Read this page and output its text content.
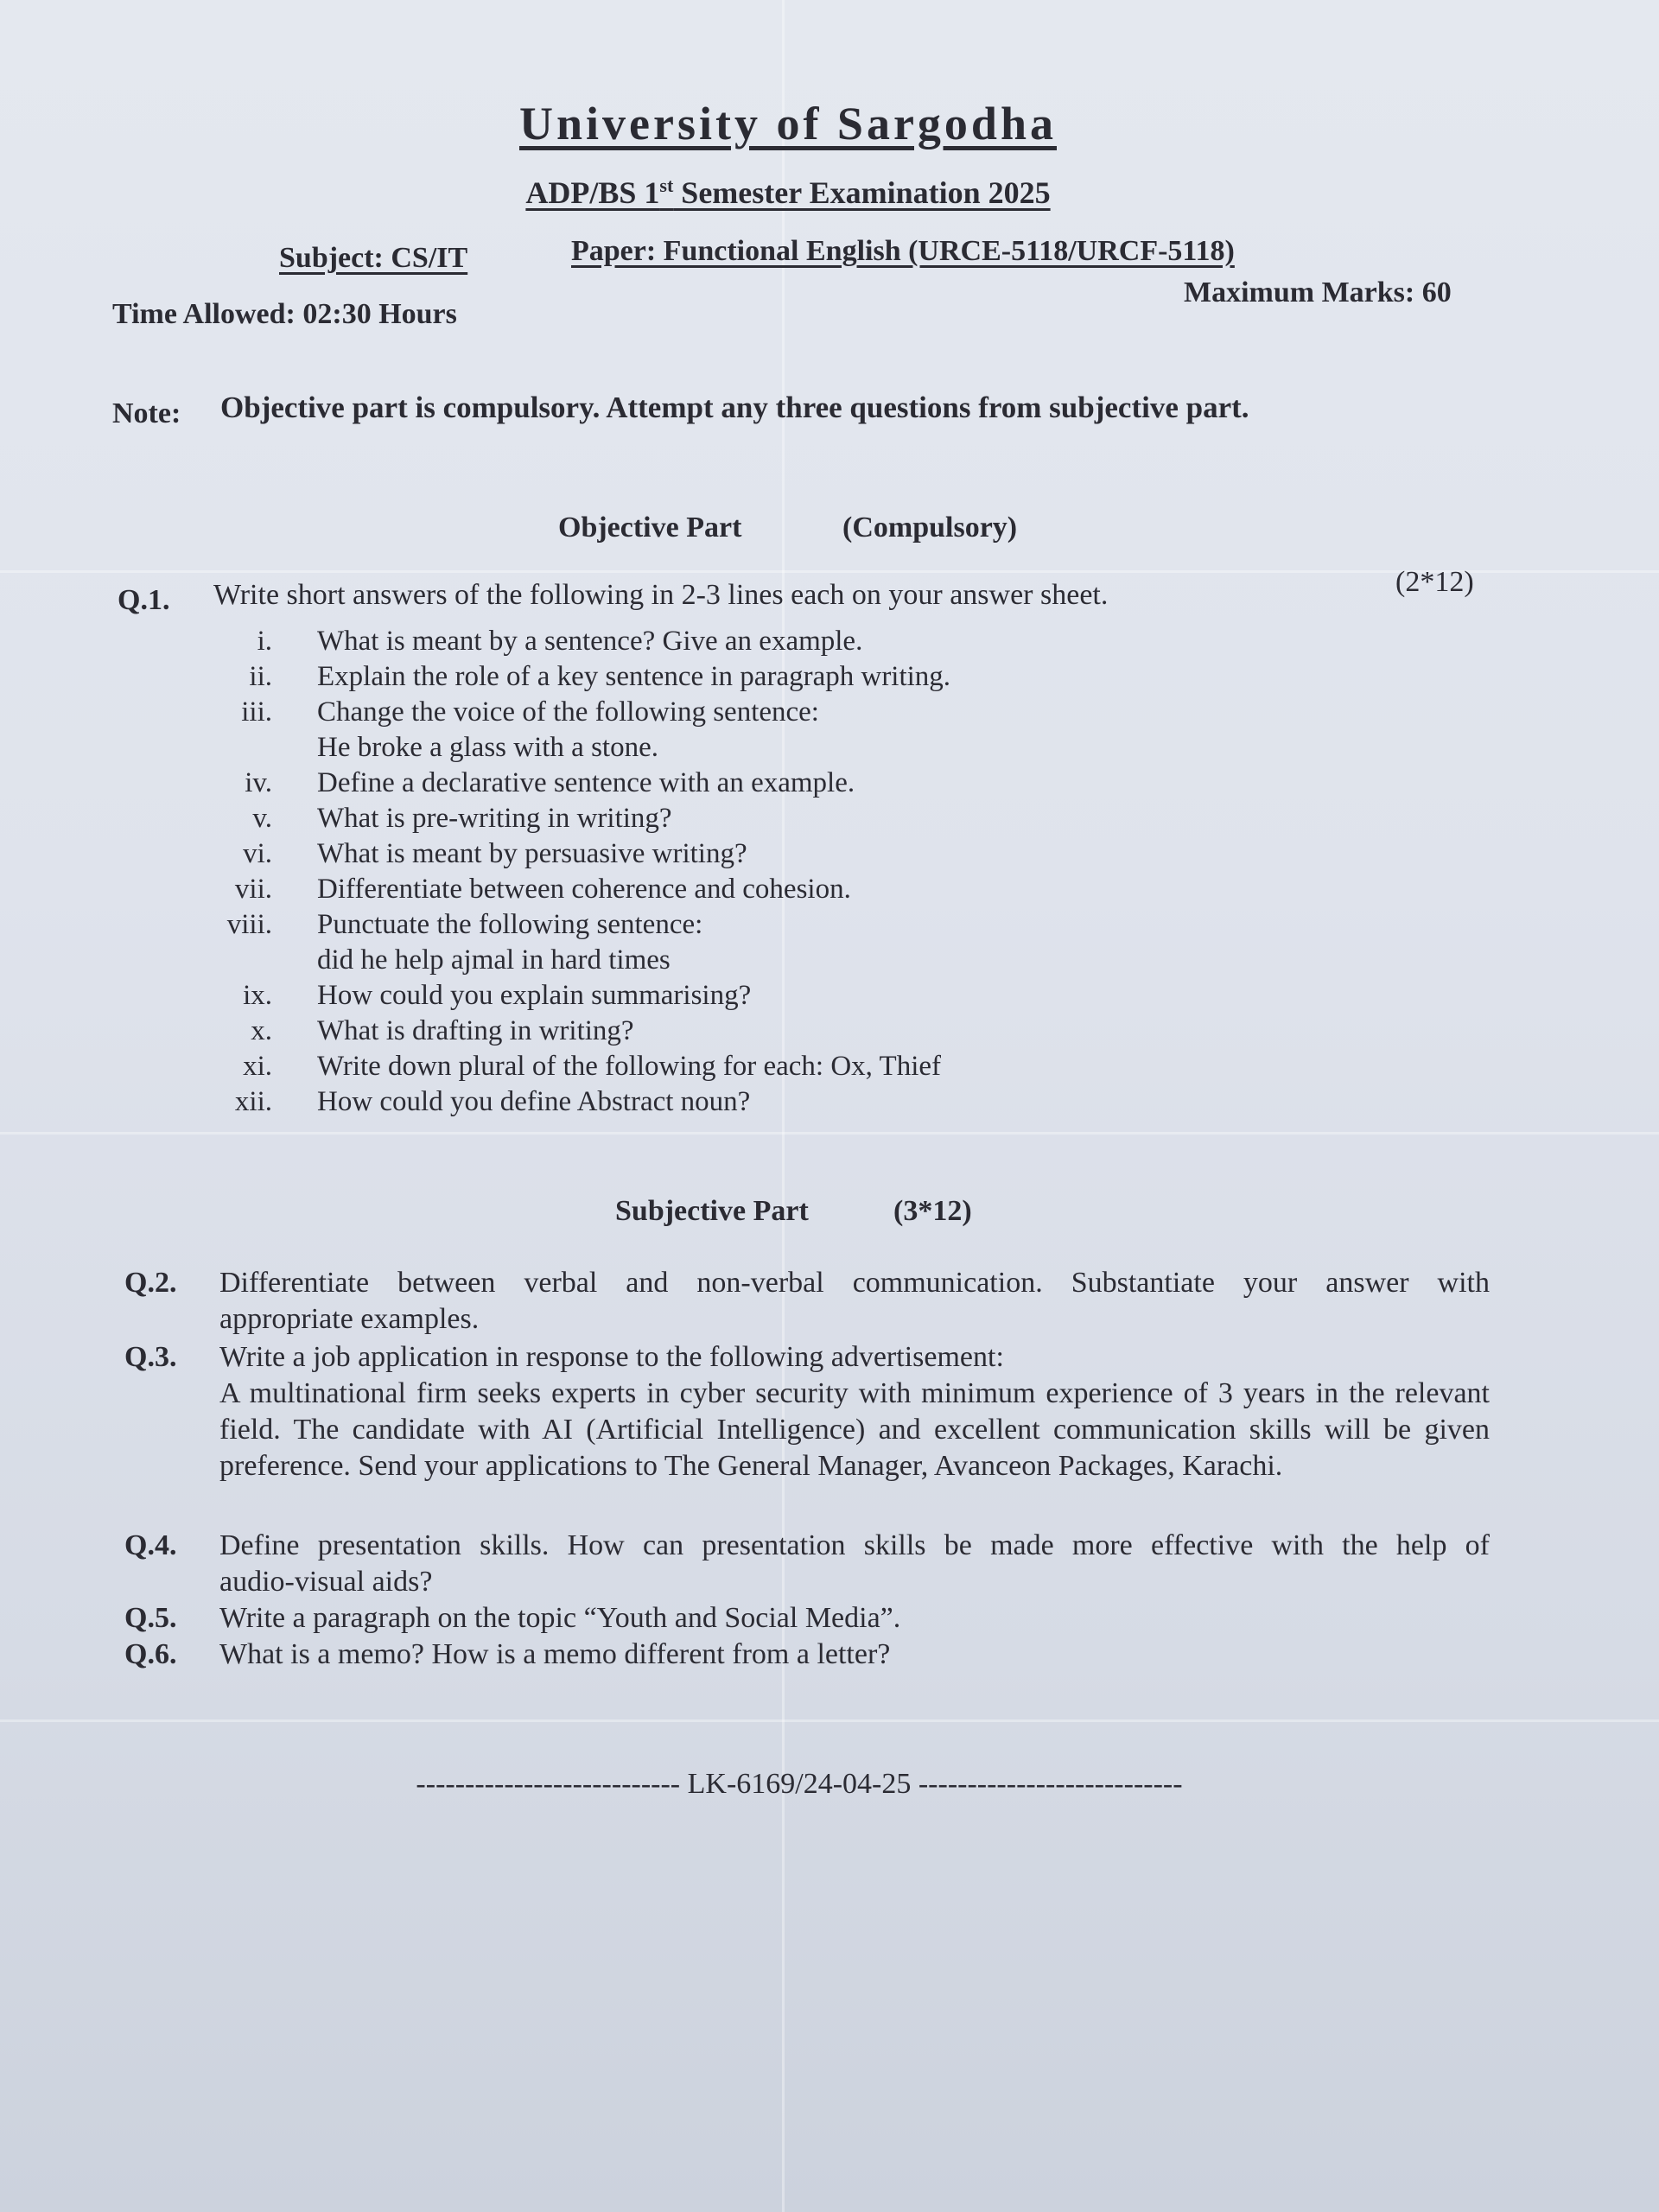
University of Sargodha
ADP/BS 1st Semester Examination 2025
Subject: CS/IT	Paper: Functional English (URCE-5118/URCF-5118)
Time Allowed: 02:30 Hours
Maximum Marks: 60
Note: Objective part is compulsory. Attempt any three questions from subjective part.
Objective Part	(Compulsory)
Q.1. Write short answers of the following in 2-3 lines each on your answer sheet.	(2*12)
i.	What is meant by a sentence? Give an example.
ii.	Explain the role of a key sentence in paragraph writing.
iii.	Change the voice of the following sentence:
He broke a glass with a stone.
iv.	Define a declarative sentence with an example.
v.	What is pre-writing in writing?
vi.	What is meant by persuasive writing?
vii.	Differentiate between coherence and cohesion.
viii.	Punctuate the following sentence:
did he help ajmal in hard times
ix.	How could you explain summarising?
x.	What is drafting in writing?
xi.	Write down plural of the following for each: Ox, Thief
xii.	How could you define Abstract noun?
Subjective Part	(3*12)
Q.2.	Differentiate between verbal and non-verbal communication. Substantiate your answer with
appropriate examples.
Q.3.	Write a job application in response to the following advertisement:
A multinational firm seeks experts in cyber security with minimum experience of 3 years in the relevant field. The candidate with AI (Artificial Intelligence) and excellent communication skills will be given preference. Send your applications to The General Manager, Avanceon Packages, Karachi.
Q.4.	Define presentation skills. How can presentation skills be made more effective with the help of
audio-visual aids?
Q.5.	Write a paragraph on the topic “Youth and Social Media”.
Q.6.	What is a memo? How is a memo different from a letter?
--------------------------- LK-6169/24-04-25 ---------------------------
